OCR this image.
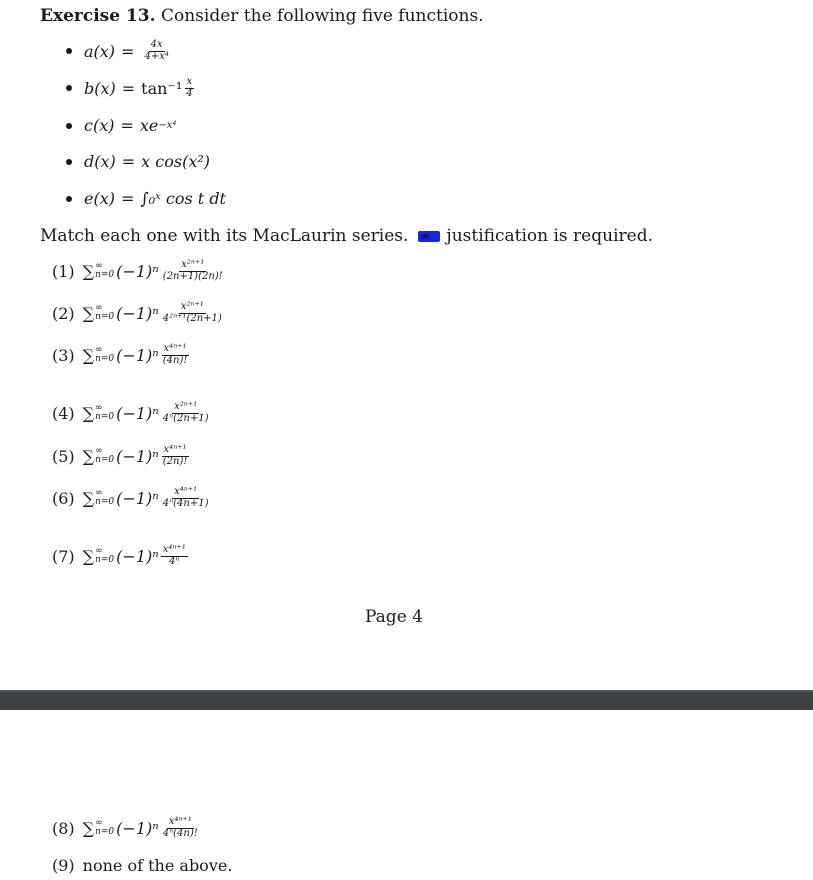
Exercise 13. Consider the following five functions.
$a(x) = \frac{4x}{\text{4+x⁴}}$
$b(x) = \tan^{-1} \frac{x}{4}$
c(x) = xe −x⁴
d(x) = x cos(x²)
e(x) = ∫₀ˣ cos t dt
Match each one with its MacLaurin series. justification is required.
(1) ∑ ∞
n=0 $(-1)^n \frac{\text{x²ⁿ⁺¹}}{(2n+1)(2n)!}$
(2) ∑ ∞
n=0 $(-1)^n \frac{\text{x²ⁿ⁺¹}}{\text{4²ⁿ⁺¹(2n+1)}}$
(3) ∑ ∞
n=0 $(-1)^n \frac{\text{x⁴ⁿ⁺¹}}{(4n)!}$
(4) ∑ ∞
n=0 $(-1)^n \frac{\text{x²ⁿ⁺¹}}{\text{4ⁿ(2n+1)}}$
(5) ∑ ∞
n=0 $(-1)^n \frac{\text{x⁴ⁿ⁺¹}}{(2n)!}$
(6) ∑ ∞
n=0 $(-1)^n \frac{\text{x⁴ⁿ⁺¹}}{\text{4ⁿ(4n+1)}}$
(7) ∑ ∞
n=0 $(-1)^n \frac{\text{x⁴ⁿ⁺¹}}{\text{4ⁿ}}$
Page 4
(8) ∑ ∞
n=0 $(-1)^n \frac{\text{x⁴ⁿ⁺¹}}{\text{4ⁿ(4n)!}}$
(9) none of the above.
